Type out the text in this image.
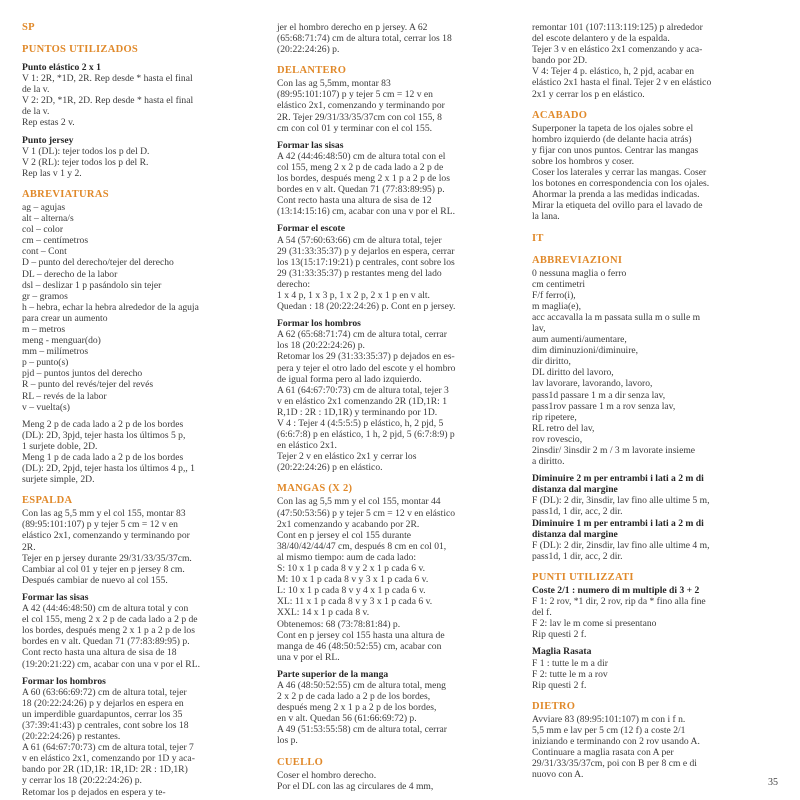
SP
PUNTOS UTILIZADOS
Punto elástico 2 x 1
V 1: 2R, *1D, 2R. Rep desde * hasta el final
de la v.
V 2: 2D, *1R, 2D. Rep desde * hasta el final
de la v.
Rep estas 2 v.
Punto jersey
V 1 (DL): tejer todos los p del D.
V 2 (RL): tejer todos los p del R.
Rep las v 1 y 2.
ABREVIATURAS
ag – agujas
alt – alterna/s
col – color
cm – centímetros
cont – Cont
D – punto del derecho/tejer del derecho
DL – derecho de la labor
dsl – deslizar 1 p pasándolo sin tejer
gr – gramos
h – hebra, echar la hebra alrededor de la aguja
para crear un aumento
m – metros
meng - menguar(do)
mm – milímetros
p – punto(s)
pjd – puntos juntos del derecho
R – punto del revés/tejer del revés
RL – revés de la labor
v – vuelta(s)
Meng 2 p de cada lado a 2 p de los bordes
(DL): 2D, 3pjd, tejer hasta los últimos 5 p,
1 surjete doble, 2D.
Meng 1 p de cada lado a 2 p de los bordes
(DL): 2D, 2pjd, tejer hasta los últimos 4 p,, 1
surjete simple, 2D.
ESPALDA
Con las ag 5,5 mm y el col 155, montar 83
(89:95:101:107) p y tejer 5 cm = 12 v en
elástico 2x1, comenzando y terminando por
2R.
Tejer en p jersey durante 29/31/33/35/37cm.
Cambiar al col 01 y tejer en p jersey 8 cm.
Después cambiar de nuevo al col 155.
Formar las sisas
A 42 (44:46:48:50) cm de altura total y con
el col 155, meng 2 x 2 p de cada lado a 2 p de
los bordes, después meng 2 x 1 p a 2 p de los
bordes en v alt. Quedan 71 (77:83:89:95) p.
Cont recto hasta una altura de sisa de 18
(19:20:21:22) cm, acabar con una v por el RL.
Formar los hombros
A 60 (63:66:69:72) cm de altura total, tejer
18 (20:22:24:26) p y dejarlos en espera en
un imperdible guardapuntos, cerrar los 35
(37:39:41:43) p centrales, cont sobre los 18
(20:22:24:26) p restantes.
A 61 (64:67:70:73) cm de altura total, tejer 7
v en elástico 2x1, comenzando por 1D y aca-
bando por 2R (1D,1R: 1R,1D: 2R : 1D,1R)
y cerrar los 18 (20:22:24:26) p.
Retomar los p dejados en espera y te-
jer el hombro derecho en p jersey. A 62
(65:68:71:74) cm de altura total, cerrar los 18
(20:22:24:26) p.
DELANTERO
Con las ag 5,5mm, montar 83
(89:95:101:107) p y tejer 5 cm = 12 v en
elástico 2x1, comenzando y terminando por
2R. Tejer 29/31/33/35/37cm con col 155, 8
cm con col 01 y terminar con el col 155.
Formar las sisas
A 42 (44:46:48:50) cm de altura total con el
col 155, meng 2 x 2 p de cada lado a 2 p de
los bordes, después meng 2 x 1 p a 2 p de los
bordes en v alt. Quedan 71 (77:83:89:95) p.
Cont recto hasta una altura de sisa de 12
(13:14:15:16) cm, acabar con una v por el RL.
Formar el escote
A 54 (57:60:63:66) cm de altura total, tejer
29 (31:33:35:37) p y dejarlos en espera, cerrar
los 13(15:17:19:21) p centrales, cont sobre los
29 (31:33:35:37) p restantes meng del lado
derecho:
1 x 4 p, 1 x 3 p, 1 x 2 p, 2 x 1 p en v alt.
Quedan : 18 (20:22:24:26) p. Cont en p jersey.
Formar los hombros
A 62 (65:68:71:74) cm de altura total, cerrar
los 18 (20:22:24:26) p.
Retomar los 29 (31:33:35:37) p dejados en es-
pera y tejer el otro lado del escote y el hombro
de igual forma pero al lado izquierdo.
A 61 (64:67:70:73) cm de altura total, tejer 3
v en elástico 2x1 comenzando 2R (1D,1R: 1
R,1D : 2R : 1D,1R) y terminando por 1D.
V 4 : Tejer 4 (4:5:5:5) p elástico, h, 2 pjd, 5
(6:6:7:8) p en elástico, 1 h, 2 pjd, 5 (6:7:8:9) p
en elástico 2x1.
Tejer 2 v en elástico 2x1 y cerrar los
(20:22:24:26) p en elástico.
MANGAS (X 2)
Con las ag 5,5 mm y el col 155, montar 44
(47:50:53:56) p y tejer 5 cm = 12 v en elástico
2x1 comenzando y acabando por 2R.
Cont en p jersey el col 155 durante
38/40/42/44/47 cm, después 8 cm en col 01,
al mismo tiempo: aum de cada lado:
S: 10 x 1 p cada 8 v y 2 x 1 p cada 6 v.
M: 10 x 1 p cada 8 v y 3 x 1 p cada 6 v.
L: 10 x 1 p cada 8 v y 4 x 1 p cada 6 v.
XL: 11 x 1 p cada 8 v y 3 x 1 p cada 6 v.
XXL: 14 x 1 p cada 8 v.
Obtenemos: 68 (73:78:81:84) p.
Cont en p jersey col 155 hasta una altura de
manga de 46 (48:50:52:55) cm, acabar con
una v por el RL.
Parte superior de la manga
A 46 (48:50:52:55) cm de altura total, meng
2 x 2 p de cada lado a 2 p de los bordes,
después meng 2 x 1 p a 2 p de los bordes,
en v alt. Quedan 56 (61:66:69:72) p.
A 49 (51:53:55:58) cm de altura total, cerrar
los p.
CUELLO
Coser el hombro derecho.
Por el DL con las ag circulares de 4 mm,
remontar 101 (107:113:119:125) p alrededor
del escote delantero y de la espalda.
Tejer 3 v en elástico 2x1 comenzando y aca-
bando por 2D.
V 4: Tejer 4 p. elástico, h, 2 pjd, acabar en
elástico 2x1 hasta el final. Tejer 2 v en elástico
2x1 y cerrar los p en elástico.
ACABADO
Superponer la tapeta de los ojales sobre el
hombro izquierdo (de delante hacia atrás)
y fijar con unos puntos. Centrar las mangas
sobre los hombros y coser.
Coser los laterales y cerrar las mangas. Coser
los botones en correspondencia con los ojales.
Ahormar la prenda a las medidas indicadas.
Mirar la etiqueta del ovillo para el lavado de
la lana.
IT
ABBREVIAZIONI
0 nessuna maglia o ferro
cm centimetri
F/f ferro(i),
m maglia(e),
acc accavalla la m passata sulla m o sulle m
lav,
aum aumenti/aumentare,
dim diminuzioni/diminuire,
dir diritto,
DL diritto del lavoro,
lav lavorare, lavorando, lavoro,
pass1d passare 1 m a dir senza lav,
pass1rov passare 1 m a rov senza lav,
rip ripetere,
RL retro del lav,
rov rovescio,
2insdir/ 3insdir 2 m / 3 m lavorate insieme
a diritto.
Diminuire 2 m per entrambi i lati a 2 m di
distanza dal margine
F (DL): 2 dir, 3insdir, lav fino alle ultime 5 m,
pass1d, 1 dir, acc, 2 dir.
Diminuire 1 m per entrambi i lati a 2 m di
distanza dal margine
F (DL): 2 dir, 2insdir, lav fino alle ultime 4 m,
pass1d, 1 dir, acc, 2 dir.
PUNTI UTILIZZATI
Coste 2/1 : numero di m multiple di 3 + 2
F 1: 2 rov, *1 dir, 2 rov, rip da * fino alla fine
del f.
F 2: lav le m come si presentano
Rip questi 2 f.
Maglia Rasata
F 1 : tutte le m a dir
F 2: tutte le m a rov
Rip questi 2 f.
DIETRO
Avviare 83 (89:95:101:107) m con i f n.
5,5 mm e lav per 5 cm (12 f) a coste 2/1
iniziando e terminando con 2 rov usando A.
Continuare a maglia rasata con A per
29/31/33/35/37cm, poi con B per 8 cm e di
nuovo con A.
35
